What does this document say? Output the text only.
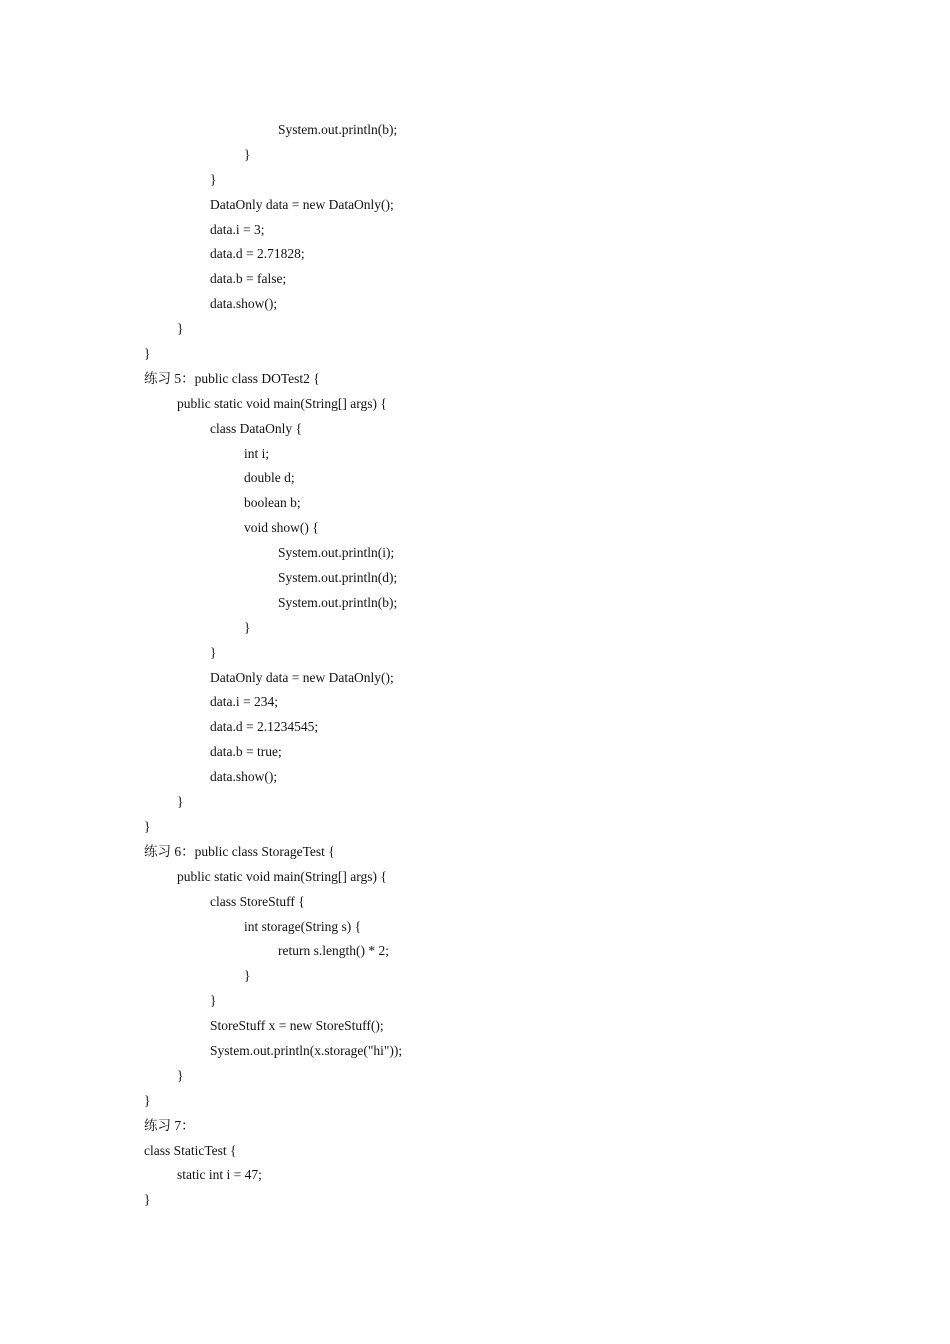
System.out.println(b);
}
}
DataOnly data = new DataOnly();
data.i = 3;
data.d = 2.71828;
data.b = false;
data.show();
}
}
练习 5：public class DOTest2 {
public static void main(String[] args) {
class DataOnly {
int i;
double d;
boolean b;
void show() {
System.out.println(i);
System.out.println(d);
System.out.println(b);
}
}
DataOnly data = new DataOnly();
data.i = 234;
data.d = 2.1234545;
data.b = true;
data.show();
}
}
练习 6：public class StorageTest {
public static void main(String[] args) {
class StoreStuff {
int storage(String s) {
return s.length() * 2;
}
}
StoreStuff x = new StoreStuff();
System.out.println(x.storage("hi"));
}
}
练习 7：
class StaticTest {
static int i = 47;
}
